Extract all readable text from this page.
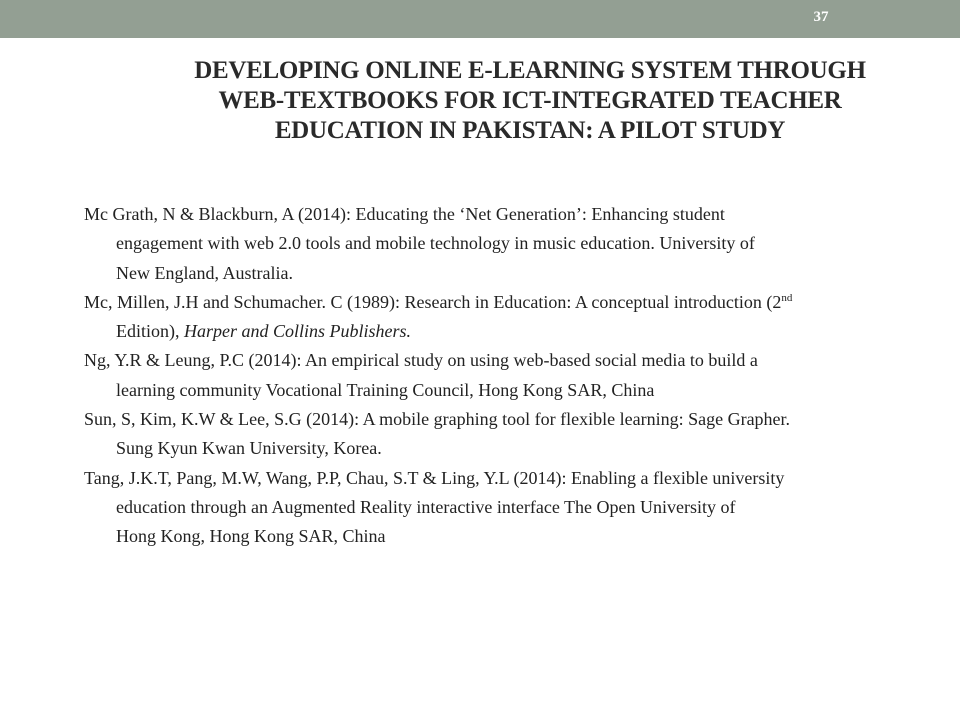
37
DEVELOPING ONLINE E-LEARNING SYSTEM THROUGH
WEB-TEXTBOOKS FOR ICT-INTEGRATED TEACHER
EDUCATION IN PAKISTAN: A PILOT STUDY
Mc Grath, N & Blackburn, A (2014): Educating the ‘Net Generation’: Enhancing student
engagement with web 2.0 tools and mobile technology in music education. University of
New England, Australia.
Mc, Millen, J.H and Schumacher. C (1989): Research in Education: A conceptual introduction (2nd
Edition), Harper and Collins Publishers.
Ng, Y.R & Leung, P.C (2014): An empirical study on using web-based social media to build a
learning community Vocational Training Council, Hong Kong SAR, China
Sun, S, Kim, K.W & Lee, S.G (2014): A mobile graphing tool for flexible learning: Sage Grapher.
Sung Kyun Kwan University, Korea.
Tang, J.K.T, Pang, M.W, Wang, P.P, Chau, S.T & Ling, Y.L (2014): Enabling a flexible university
education through an Augmented Reality interactive interface The Open University of
Hong Kong, Hong Kong SAR, China
